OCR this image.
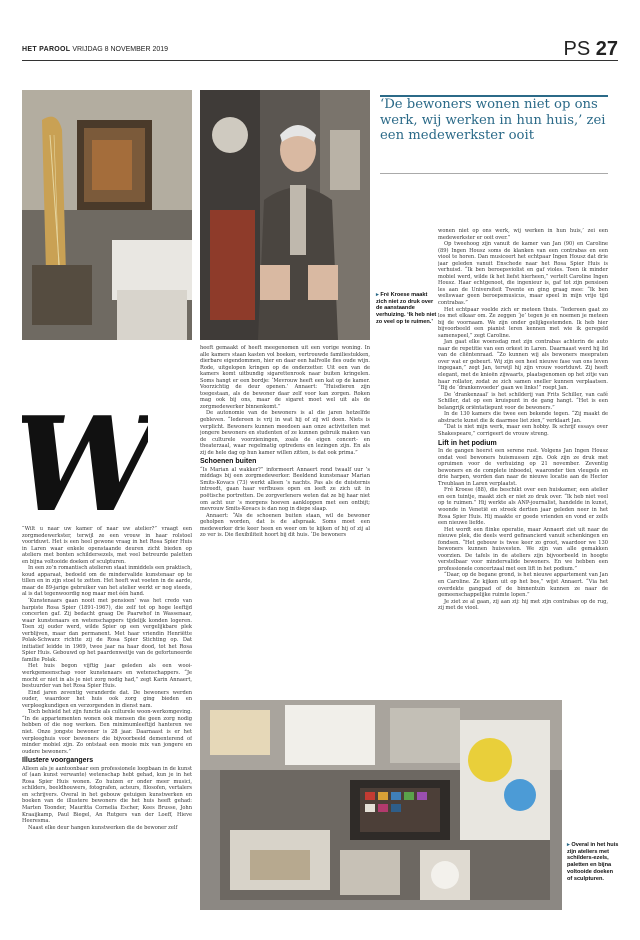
HET PAROOL VRIJDAG 8 NOVEMBER 2019	PS 27
‘De bewoners wonen niet op ons werk, wij werken in hun huis,’ zei een medewerkster ooit
▸ Fré Kroese maakt zich niet zo druk over de aanstaande verhuizing. ‘Ik heb niet zo veel op te ruimen.’

“Wilt u naar uw kamer of naar uw atelier?” vraagt een zorgmedewerkster, terwijl ze een vrouw in haar rolstoel voortduwt. Het is een heel gewone vraag in het Rosa Spier Huis in Laren waar enkele openstaande deuren zicht bieden op ateliers met bonten schildersezels, met veel betreurde paletten en bijna voltooide doeken of sculpturen.

In een zo’n romantisch atelieren staat inmiddels een praktisch, koud apparaat, bedoeld om de mindervalide kunstenaar op te tillen en in zijn stoel te zetten. Het heeft wat voeten in de aarde, maar de 89-jarige gebruiker van het atelier werkt er nog steeds, al is dat tegenwoordig nog maar met één hand.

‘Kunstenaars gaan nooit met pensioen’ was het credo van harpiste Rosa Spier (1891-1967), die zelf tot op hoge leeftijd concerten gaf. Zij bedacht graag De Paarwhof in Wassenaar, waar kunstenaars en wetenschappers tijdelijk konden logeren. Toen zij ouder werd, wilde Spier op een vergelijkbare plek verblijven, maar dan permanent. Met haar vriendin Henriëtte Polak-Schwarz richtte zij de Rosa Spier Stichting op. Dat initiatief leidde in 1969, twee jaar na haar dood, tot het Rosa Spier Huis. Gebouwd op het paardenweitje van de gefortuneerde familie Polak.

Het huis begon vijftig jaar geleden als een wooi-werkgemeenschap voor kunstenaars en wetenschappers. “Je mocht er niet in als je niet zorg nodig had,” zegt Karin Annaert, bestuurder van het Rosa Spier Huis.

Eind jaren zeventig veranderde dat. De bewoners werden ouder, waardoor het huis ook zorg ging bieden en verpleegkundigen en verzorgenden in dienst nam.

Toch behield het zijn functie als culturele woon-werkomgeving. “In de appartementen wonen ook mensen die geen zorg nodig hebben of die nog werken. Een minimumleeftijd hanteren we niet. Onze jongste bewoner is 28 jaar. Daarnaast is er het verpleeghuis voor bewoners die bijvoorbeeld dementerend of minder mobiel zijn. Zo ontstaat een mooie mix van jongere en oudere bewoners.”

Illustere voorgangers

Alleen als je aantoonbaar een professionele loopbaan in de kunst of (aan kunst verwante) wetenschap hebt gehad, kun je in het Rosa Spier Huis wonen. Zo huizen er onder meer musici, schilders, beeldhouwers, fotografen, acteurs, filosofen, vertalers en schrijvers. Overal in het gebouw getuigen kunstwerken en boeken van de illustere bewoners die het huis heeft gehad: Marten Toonder, Mauritta Cornelia Escher, Kees Brusse, John Kraaijkamp, Paul Biegel, An Rutgers van der Loeff, Hieve Heeresma.

Naast elke deur hangen kunstwerken die de bewoner zelf

heeft gemaakt of heeft meegenomen uit een vorige woning. In alle kamers staan kasten vol boeken, vertrouwde familiestukken, dierbare eigendommen, hier en daar een halfvolle fles oude wijn. Rode, uitgelopen kringen op de onderzetter. Uit een van de kamers komt uitbundig sigarettenrook naar buiten kringelen. Soms hangt er een bordje: ‘Mevrouw heeft een kat op de kamer. Voorzichtig de deur openen.’ Annaert: “Huisdieren zijn toegestaan, als de bewoner daar zelf voor kan zorgen. Roken mag ook bij ons, maar de sigaret moet wel uit als de zorgmedewerker binnenkomt.”

De autonomie van de bewoners is al die jaren hetzelfde gebleven. “Iedereen is vrij in wat hij of zij wil doen. Niets is verplicht. Bewoners kunnen meedoen aan onze activiteiten met jongere bewoners en studenten of ze kunnen gebruik maken van de culturele voorzieningen, zoals de eigen concert- en theaterzaal, waar regelmatig optredens en lezingen zijn. En als zij de hele dag op hun kamer willen zitten, is dat ook prima.”

Schoenen buiten

“Is Marian al wakker?” informeert Annaert rond twaalf uur ’s middags bij een zorgmedewerker. Beeldend kunstenaar Marian Smits-Kovacs (73) werkt alleen ’s nachts. Pas als de duisternis intreedt, gaan haar verfbuses open en leeft ze zich uit in poëtische portretten. De zorgverleners weten dat ze bij haar niet om acht uur ’s morgens hoeven aankloppen met een ontbijt; mevrouw Smits-Kovacs is dan nog in diepe slaap.

Annaert: “Als de schoenen buiten staan, wil de bewoner geholpen worden, dat is de afspraak. Soms moet een medewerker drie keer heen en weer om te kijken of hij of zij al zo ver is. Die flexibiliteit hoort bij dit huis. ‘De bewoners

wonen niet op ons werk, wij werken in hun huis,’ zei een medewerkster er ooit over.”

Op tweehoog zijn vanuit de kamer van Jan (90) en Caroline (89) Ingen Housz soms de klanken van een contrabas en een viool te horen. Dan musiceert het echtpaar Ingen Housz dat drie jaar geleden vanuit Enschede naar het Rosa Spier Huis is verhuisd. “Ik ben beroepsviolist en gaf violes. Toen ik minder mobiel werd, wilde ik het liefst hierheen,” vertelt Caroline Ingen Housz. Haar echtgenoot, die ingenieur is, gaf tot zijn pensioen les aan de Universiteit Twente en ging graag mee: “Ik ben weliswaar geen beroepsmusicus, maar speel in mijn vrije tijd contrabas.”

Het echtpaar voelde zich er meteen thuis. “Iedereen gaat zo los met elkaar om. Ze zeggen ‘je’ tegen je en noemen je meteen bij de voornaam. We zijn onder gelijkgestemden. Ik heb hier bijvoorbeeld een pianist leren kennen met wie ik geregeld samenspeel,” zegt Caroline.

Jan gaat elke woensdag met zijn contrabas achterin de auto naar de repetitie van een orkest in Laren. Daarnaast werd hij lid van de cliëntenraad. “Zo kunnen wij als bewoners meepraten over wat er gebeurt. Wij zijn een heel nieuwe fase van ons leven ingegaan,” zegt Jan, terwijl hij zijn vrouw voortduwt. Zij heeft elegant, met de knieën zijwaarts, plaatsgenomen op het zitje van haar rollator, zodat ze zich samen sneller kunnen verplaatsen. “Bij de ‘drankenvoeder’ gaan we links!” roept Jan.

De ‘drankenzaal’ is het schilderij van Frits Schiller, van café Schiller, dat op een kruispunt in de gang hangt. “Het is een belangrijk oriëntatiepunt voor de bewoners.”

In de 130 kamers die twee een bekende tegen. “Zij maakt de abstracte kunst die ik daarmee liet zien,” verklaart Jan.

“Dat is niet mijn werk, maar een hobby. Ik schrijf essays over Shakespeare,” corrigeert de vrouw streng.

Lift in het podium

In de gangen heerst een serene rust. Volgens Jan Ingen Housz ondat veel bewoners huismussen zijn. Ook zijn ze druk met opruimen voor de verhuizing op 21 november. Zeventig bewoners en de complete inboedel, waaronder tien vleugels en drie harpen, worden dan naar de nieuwe locatie aan de Hector Treublaan in Laren verplaatst.

Fré Kroese (88), die beschikt over een huiskamer, een atelier en een tuintje, maakt zich er niet zo druk over. “Ik heb niet veel op te ruimen.” Hij werkte als ANP-journalist, handelde in kunst, woonde in Venetië en streek dertien jaar geleden neer in het Rosa Spier Huis. Hij maakte er goede vrienden en vond er zelfs een nieuwe liefde.

Het wordt een flinke operatie, maar Annaert ziet uit naar de nieuwe plek, die deels werd gefinancierd vanuit schenkingen en fondsen. “Het gebouw is twee keer zo groot, waardoor we 130 bewoners kunnen huisvesten. We zijn van alle gemakken voorzien. De tafels in de ateliers zijn bijvoorbeeld in hoogte verstelbaar voor mindervalide bewoners. En we hebben een professionele concertzaal met een lift in het podium.”

“Daar, op de begane grond, is het nieuwe appartement van Jan en Caroline. Ze kijken uit op het bos,” wijst Annaert. “Via het overdekte gangpad of de binnentuin kunnen ze naar de gemeenschappelijke ruimte lopen.”

Je ziet ze al gaan, zij aan zij: hij met zijn contrabas op de rug, zij met de viool.

▸ Overal in het huis zijn ateliers met schilders-ezels, paletten en bijna voltooide doeken of sculpturen.
